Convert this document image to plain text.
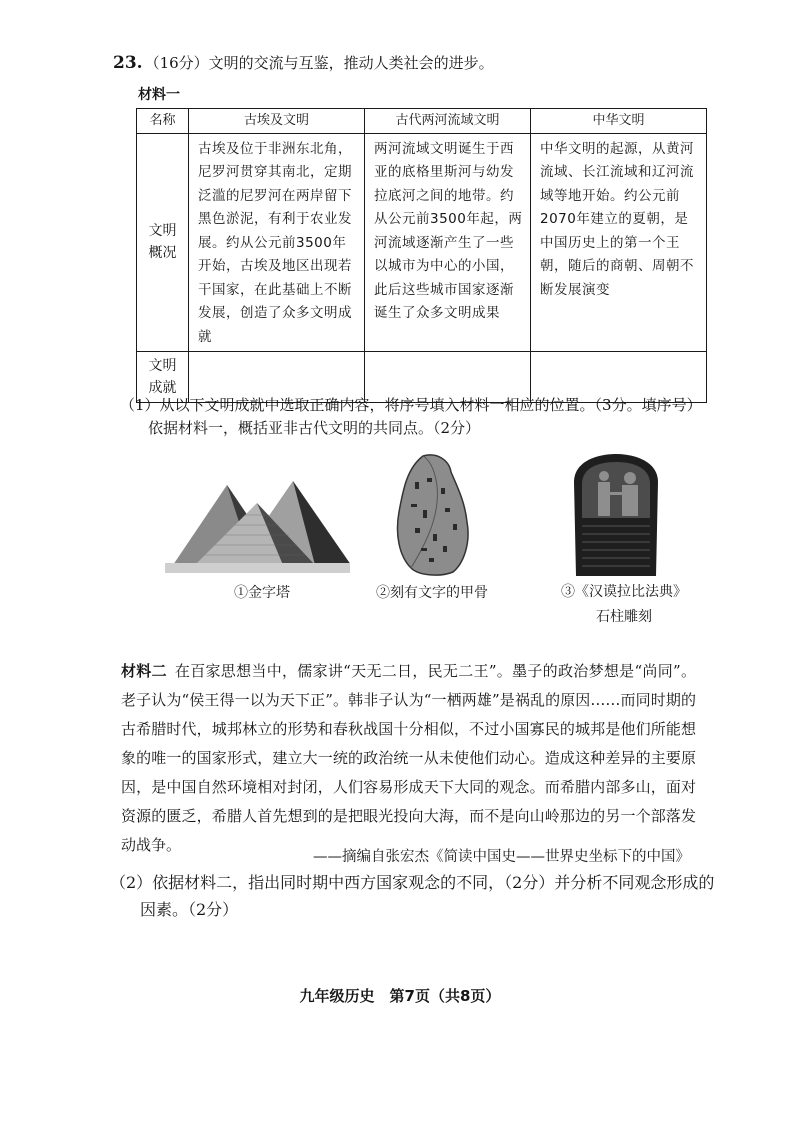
23. （16分）文明的交流与互鉴，推动人类社会的进步。
材料一
名称	古埃及文明	古代两河流域文明	中华文明

文明概况	古埃及位于非洲东北角，尼罗河贯穿其南北，定期泛滥的尼罗河在两岸留下黑色淤泥，有利于农业发展。约从公元前3500年开始，古埃及地区出现若干国家，在此基础上不断发展，创造了众多文明成就	两河流域文明诞生于西亚的底格里斯河与幼发拉底河之间的地带。约从公元前3500年起，两河流域逐渐产生了一些以城市为中心的小国，此后这些城市国家逐渐诞生了众多文明成果	中华文明的起源，从黄河流域、长江流域和辽河流域等地开始。约公元前2070年建立的夏朝，是中国历史上的第一个王朝，随后的商朝、周朝不断发展演变

文明成就			

（1）从以下文明成就中选取正确内容，将序号填入材料一相应的位置。（3分。填序号）
依据材料一，概括亚非古代文明的共同点。（2分）
①金字塔	②刻有文字的甲骨	③《汉谟拉比法典》
石柱雕刻
材料二 在百家思想当中，儒家讲“天无二日，民无二王”。墨子的政治梦想是“尚同”。老子认为“侯王得一以为天下正”。韩非子认为“一栖两雄”是祸乱的原因……而同时期的古希腊时代，城邦林立的形势和春秋战国十分相似，不过小国寡民的城邦是他们所能想象的唯一的国家形式，建立大一统的政治统一从未使他们动心。造成这种差异的主要原因，是中国自然环境相对封闭，人们容易形成天下大同的观念。而希腊内部多山，面对资源的匮乏，希腊人首先想到的是把眼光投向大海，而不是向山岭那边的另一个部落发动战争。
——摘编自张宏杰《简读中国史——世界史坐标下的中国》
（2）依据材料二，指出同时期中西方国家观念的不同，（2分）并分析不同观念形成的
因素。（2分）
九年级历史　第7页（共8页）
